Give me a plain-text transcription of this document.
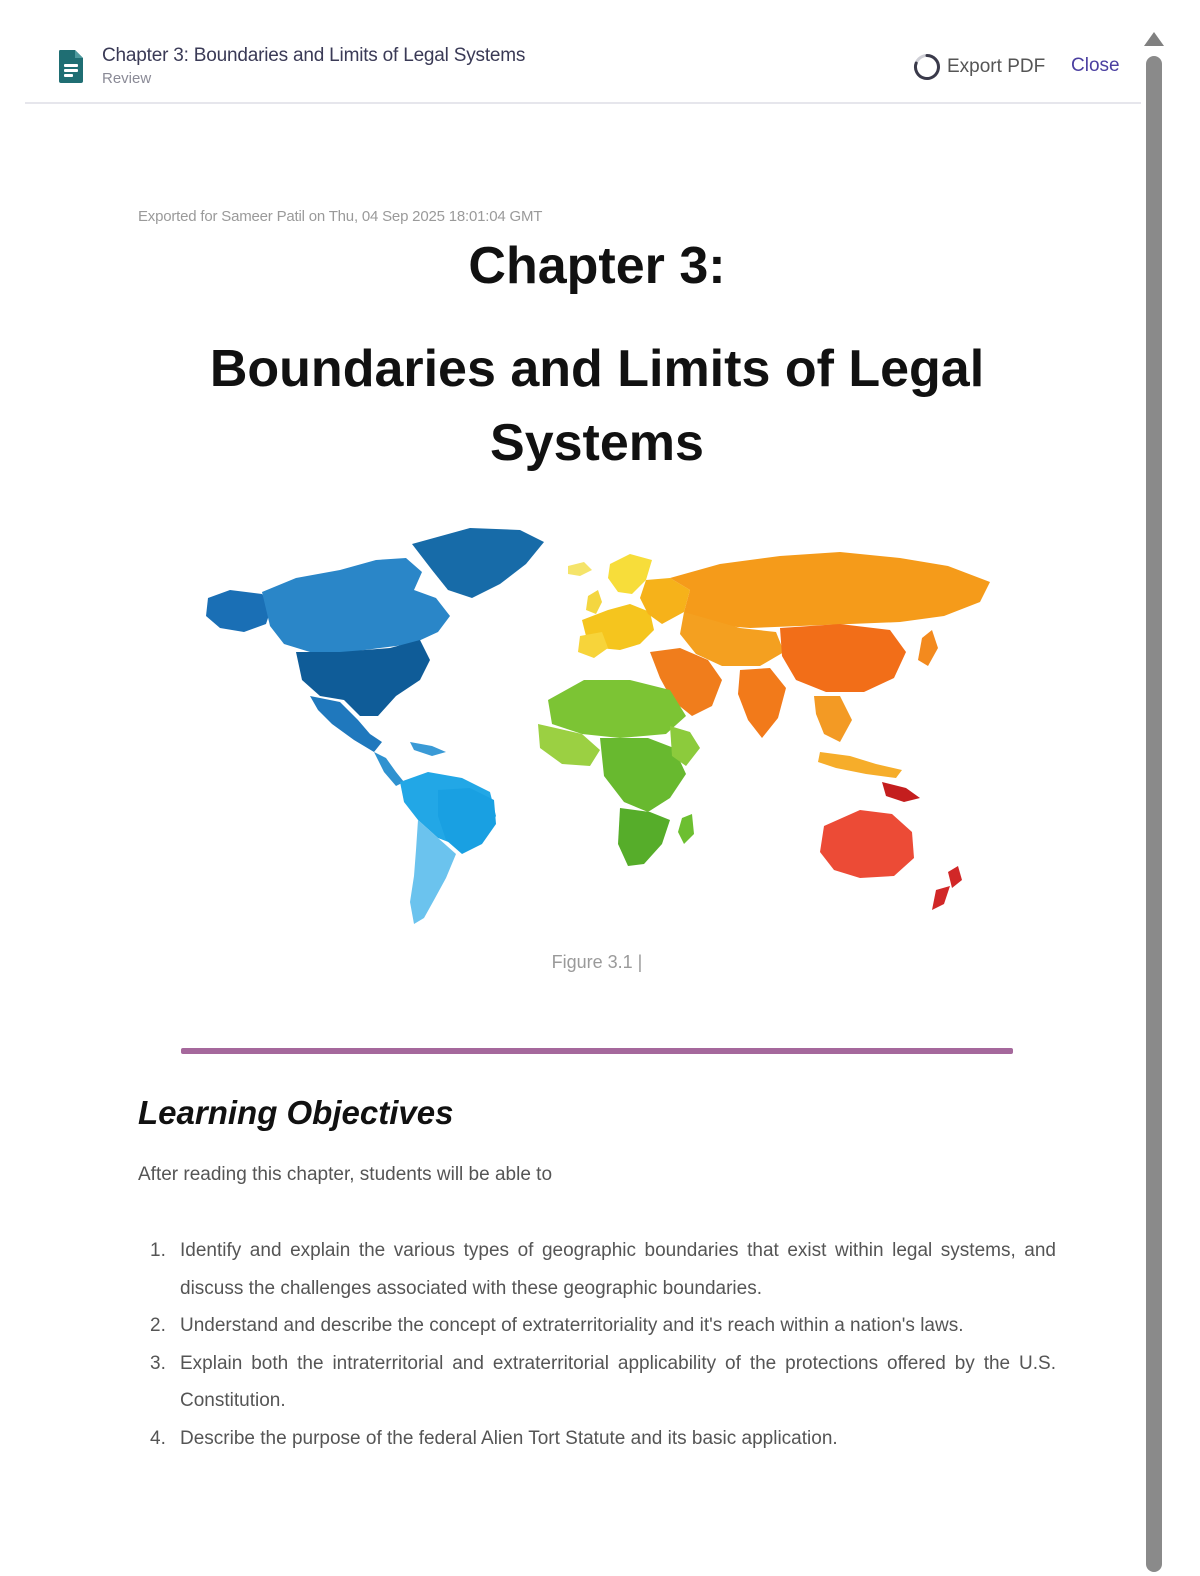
Chapter 3: Boundaries and Limits of Legal Systems
Review
Export PDF Close
Exported for Sameer Patil on Thu, 04 Sep 2025 18:01:04 GMT
Chapter 3:
Boundaries and Limits of Legal Systems
Figure 3.1 |
Learning Objectives
After reading this chapter, students will be able to
1. Identify and explain the various types of geographic boundaries that exist within legal systems, and discuss the challenges associated with these geographic boundaries.
2. Understand and describe the concept of extraterritoriality and it's reach within a nation's laws.
3. Explain both the intraterritorial and extraterritorial applicability of the protections offered by the U.S. Constitution.
4. Describe the purpose of the federal Alien Tort Statute and its basic application.
